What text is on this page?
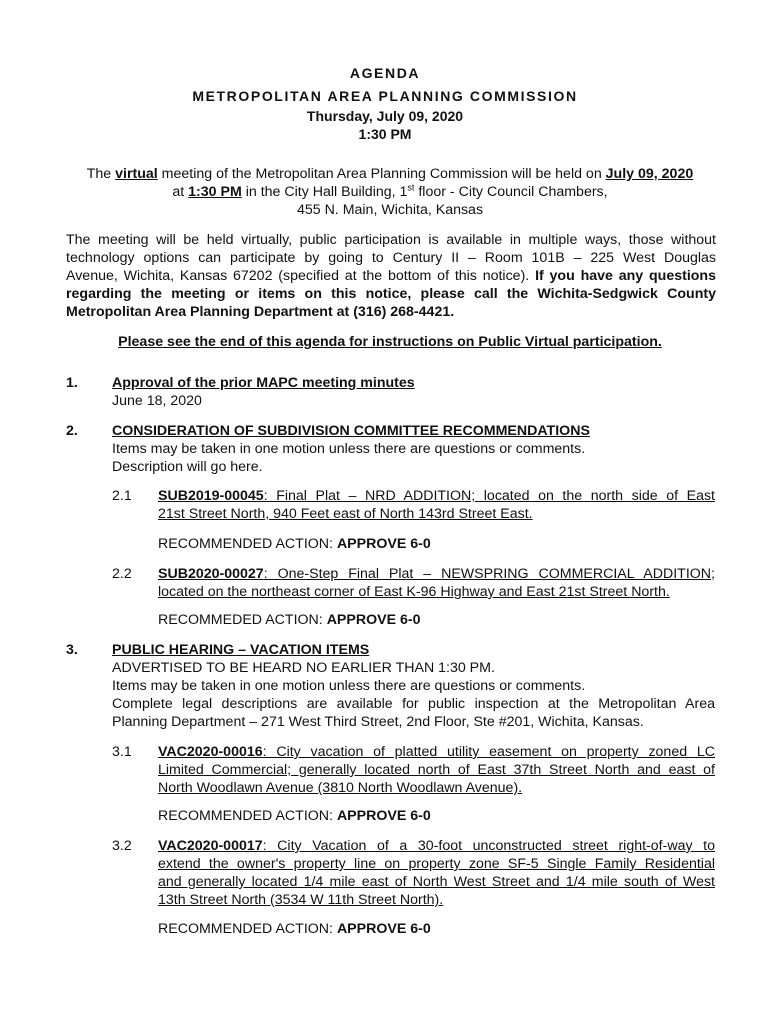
AGENDA
METROPOLITAN AREA PLANNING COMMISSION
Thursday, July 09, 2020
1:30 PM
The virtual meeting of the Metropolitan Area Planning Commission will be held on July 09, 2020
at 1:30 PM in the City Hall Building, 1st floor - City Council Chambers,
455 N. Main, Wichita, Kansas
The meeting will be held virtually, public participation is available in multiple ways, those without
technology options can participate by going to Century II – Room 101B – 225 West Douglas
Avenue, Wichita, Kansas 67202 (specified at the bottom of this notice). If you have any questions
regarding the meeting or items on this notice, please call the Wichita-Sedgwick County
Metropolitan Area Planning Department at (316) 268-4421.
Please see the end of this agenda for instructions on Public Virtual participation.
1. Approval of the prior MAPC meeting minutes
June 18, 2020
2. CONSIDERATION OF SUBDIVISION COMMITTEE RECOMMENDATIONS
Items may be taken in one motion unless there are questions or comments.
Description will go here.
2.1 SUB2019-00045: Final Plat – NRD ADDITION; located on the north side of East
21st Street North, 940 Feet east of North 143rd Street East.
RECOMMENDED ACTION: APPROVE 6-0
2.2 SUB2020-00027: One-Step Final Plat – NEWSPRING COMMERCIAL ADDITION;
located on the northeast corner of East K-96 Highway and East 21st Street North.
RECOMMEDED ACTION: APPROVE 6-0
3. PUBLIC HEARING – VACATION ITEMS
ADVERTISED TO BE HEARD NO EARLIER THAN 1:30 PM.
Items may be taken in one motion unless there are questions or comments.
Complete legal descriptions are available for public inspection at the Metropolitan Area
Planning Department – 271 West Third Street, 2nd Floor, Ste #201, Wichita, Kansas.
3.1 VAC2020-00016: City vacation of platted utility easement on property zoned LC
Limited Commercial; generally located north of East 37th Street North and east of
North Woodlawn Avenue (3810 North Woodlawn Avenue).
RECOMMENDED ACTION: APPROVE 6-0
3.2 VAC2020-00017: City Vacation of a 30-foot unconstructed street right-of-way to
extend the owner's property line on property zone SF-5 Single Family Residential
and generally located 1/4 mile east of North West Street and 1/4 mile south of West
13th Street North (3534 W 11th Street North).
RECOMMENDED ACTION: APPROVE 6-0
